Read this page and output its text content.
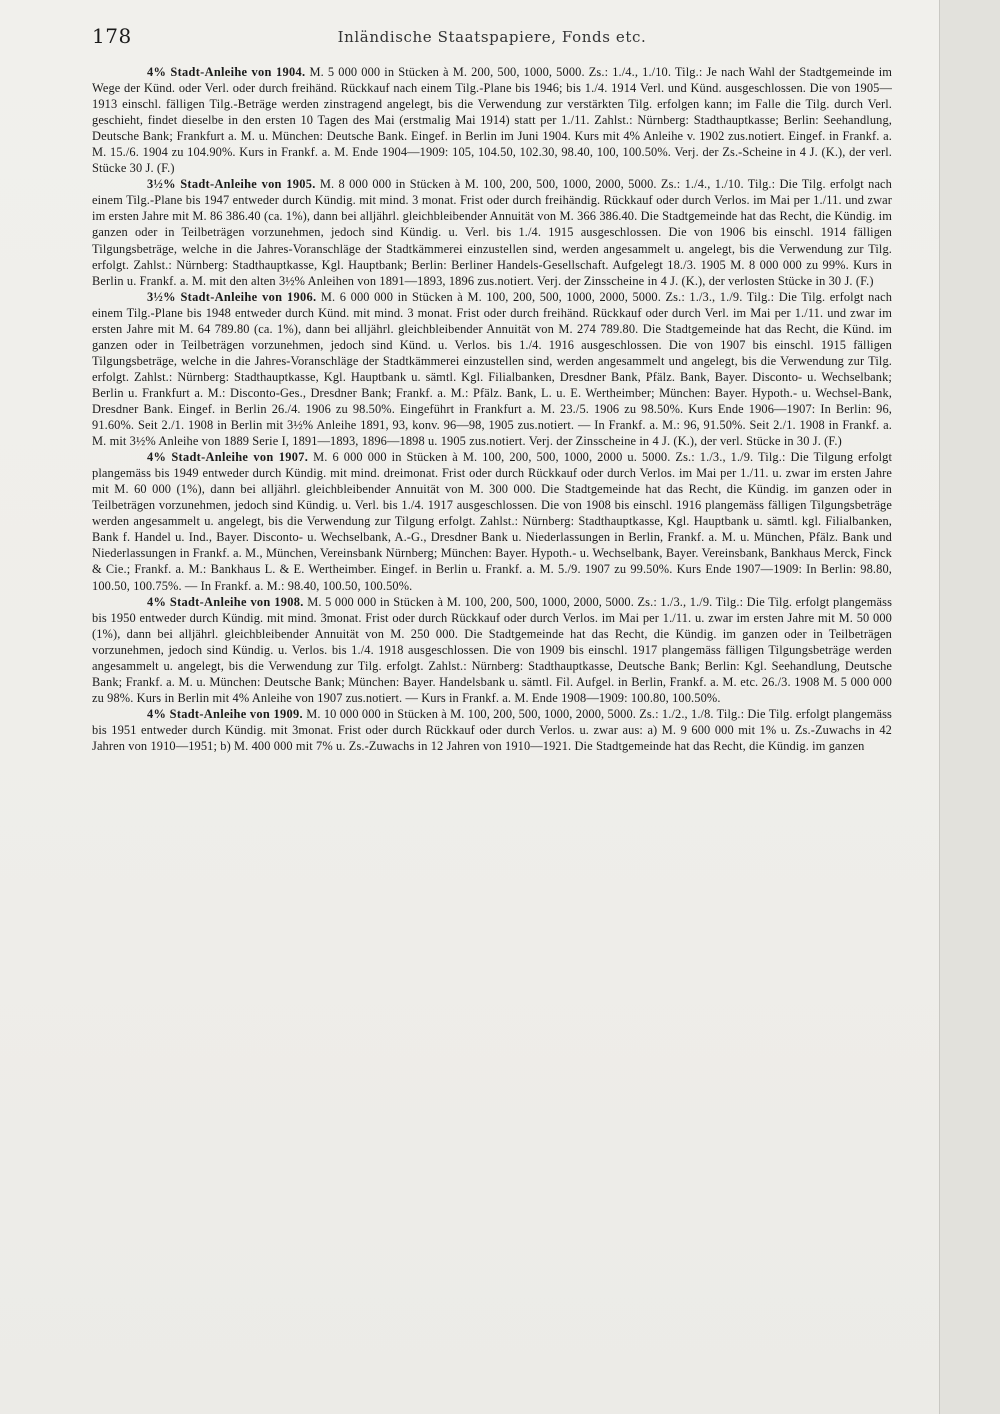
178	Inländische Staatspapiere, Fonds etc.

4% Stadt-Anleihe von 1904. M. 5 000 000 in Stücken à M. 200, 500, 1000, 5000. Zs.: 1./4., 1./10. Tilg.: Je nach Wahl der Stadtgemeinde im Wege der Künd. oder Verl. oder durch freihänd. Rückkauf nach einem Tilg.-Plane bis 1946; bis 1./4. 1914 Verl. und Künd. ausgeschlossen. Die von 1905—1913 einschl. fälligen Tilg.-Beträge werden zinstragend angelegt, bis die Verwendung zur verstärkten Tilg. erfolgen kann; im Falle die Tilg. durch Verl. geschieht, findet dieselbe in den ersten 10 Tagen des Mai (erstmalig Mai 1914) statt per 1./11. Zahlst.: Nürnberg: Stadthauptkasse; Berlin: Seehandlung, Deutsche Bank; Frankfurt a. M. u. München: Deutsche Bank. Eingef. in Berlin im Juni 1904. Kurs mit 4% Anleihe v. 1902 zus.notiert. Eingef. in Frankf. a. M. 15./6. 1904 zu 104.90%. Kurs in Frankf. a. M. Ende 1904—1909: 105, 104.50, 102.30, 98.40, 100, 100.50%. Verj. der Zs.-Scheine in 4 J. (K.), der verl. Stücke 30 J. (F.)

3½% Stadt-Anleihe von 1905. M. 8 000 000 in Stücken à M. 100, 200, 500, 1000, 2000, 5000. Zs.: 1./4., 1./10. Tilg.: Die Tilg. erfolgt nach einem Tilg.-Plane bis 1947 entweder durch Kündig. mit mind. 3 monat. Frist oder durch freihändig. Rückkauf oder durch Verlos. im Mai per 1./11. und zwar im ersten Jahre mit M. 86 386.40 (ca. 1%), dann bei alljährl. gleichbleibender Annuität von M. 366 386.40. Die Stadtgemeinde hat das Recht, die Kündig. im ganzen oder in Teilbeträgen vorzunehmen, jedoch sind Kündig. u. Verl. bis 1./4. 1915 ausgeschlossen. Die von 1906 bis einschl. 1914 fälligen Tilgungsbeträge, welche in die Jahres-Voranschläge der Stadtkämmerei einzustellen sind, werden angesammelt u. angelegt, bis die Verwendung zur Tilg. erfolgt. Zahlst.: Nürnberg: Stadthauptkasse, Kgl. Hauptbank; Berlin: Berliner Handels-Gesellschaft. Aufgelegt 18./3. 1905 M. 8 000 000 zu 99%. Kurs in Berlin u. Frankf. a. M. mit den alten 3½% Anleihen von 1891—1893, 1896 zus.notiert. Verj. der Zinsscheine in 4 J. (K.), der verlosten Stücke in 30 J. (F.)

3½% Stadt-Anleihe von 1906. M. 6 000 000 in Stücken à M. 100, 200, 500, 1000, 2000, 5000. Zs.: 1./3., 1./9. Tilg.: Die Tilg. erfolgt nach einem Tilg.-Plane bis 1948 entweder durch Künd. mit mind. 3 monat. Frist oder durch freihänd. Rückkauf oder durch Verl. im Mai per 1./11. und zwar im ersten Jahre mit M. 64 789.80 (ca. 1%), dann bei alljährl. gleichbleibender Annuität von M. 274 789.80. Die Stadtgemeinde hat das Recht, die Künd. im ganzen oder in Teilbeträgen vorzunehmen, jedoch sind Künd. u. Verlos. bis 1./4. 1916 ausgeschlossen. Die von 1907 bis einschl. 1915 fälligen Tilgungsbeträge, welche in die Jahres-Voranschläge der Stadtkämmerei einzustellen sind, werden angesammelt und angelegt, bis die Verwendung zur Tilg. erfolgt. Zahlst.: Nürnberg: Stadthauptkasse, Kgl. Hauptbank u. sämtl. Kgl. Filialbanken, Dresdner Bank, Pfälz. Bank, Bayer. Disconto- u. Wechselbank; Berlin u. Frankfurt a. M.: Disconto-Ges., Dresdner Bank; Frankf. a. M.: Pfälz. Bank, L. u. E. Wertheimber; München: Bayer. Hypoth.- u. Wechsel-Bank, Dresdner Bank. Eingef. in Berlin 26./4. 1906 zu 98.50%. Eingeführt in Frankfurt a. M. 23./5. 1906 zu 98.50%. Kurs Ende 1906—1907: In Berlin: 96, 91.60%. Seit 2./1. 1908 in Berlin mit 3½% Anleihe 1891, 93, konv. 96—98, 1905 zus.notiert. — In Frankf. a. M.: 96, 91.50%. Seit 2./1. 1908 in Frankf. a. M. mit 3½% Anleihe von 1889 Serie I, 1891—1893, 1896—1898 u. 1905 zus.notiert. Verj. der Zinsscheine in 4 J. (K.), der verl. Stücke in 30 J. (F.)

4% Stadt-Anleihe von 1907. M. 6 000 000 in Stücken à M. 100, 200, 500, 1000, 2000 u. 5000. Zs.: 1./3., 1./9. Tilg.: Die Tilgung erfolgt plangemäss bis 1949 entweder durch Kündig. mit mind. dreimonat. Frist oder durch Rückkauf oder durch Verlos. im Mai per 1./11. u. zwar im ersten Jahre mit M. 60 000 (1%), dann bei alljährl. gleichbleibender Annuität von M. 300 000. Die Stadtgemeinde hat das Recht, die Kündig. im ganzen oder in Teilbeträgen vorzunehmen, jedoch sind Kündig. u. Verl. bis 1./4. 1917 ausgeschlossen. Die von 1908 bis einschl. 1916 plangemäss fälligen Tilgungsbeträge werden angesammelt u. angelegt, bis die Verwendung zur Tilgung erfolgt. Zahlst.: Nürnberg: Stadthauptkasse, Kgl. Hauptbank u. sämtl. kgl. Filialbanken, Bank f. Handel u. Ind., Bayer. Disconto- u. Wechselbank, A.-G., Dresdner Bank u. Niederlassungen in Berlin, Frankf. a. M. u. München, Pfälz. Bank und Niederlassungen in Frankf. a. M., München, Vereinsbank Nürnberg; München: Bayer. Hypoth.- u. Wechselbank, Bayer. Vereinsbank, Bankhaus Merck, Finck & Cie.; Frankf. a. M.: Bankhaus L. & E. Wertheimber. Eingef. in Berlin u. Frankf. a. M. 5./9. 1907 zu 99.50%. Kurs Ende 1907—1909: In Berlin: 98.80, 100.50, 100.75%. — In Frankf. a. M.: 98.40, 100.50, 100.50%.

4% Stadt-Anleihe von 1908. M. 5 000 000 in Stücken à M. 100, 200, 500, 1000, 2000, 5000. Zs.: 1./3., 1./9. Tilg.: Die Tilg. erfolgt plangemäss bis 1950 entweder durch Kündig. mit mind. 3monat. Frist oder durch Rückkauf oder durch Verlos. im Mai per 1./11. u. zwar im ersten Jahre mit M. 50 000 (1%), dann bei alljährl. gleichbleibender Annuität von M. 250 000. Die Stadtgemeinde hat das Recht, die Kündig. im ganzen oder in Teilbeträgen vorzunehmen, jedoch sind Kündig. u. Verlos. bis 1./4. 1918 ausgeschlossen. Die von 1909 bis einschl. 1917 plangemäss fälligen Tilgungsbeträge werden angesammelt u. angelegt, bis die Verwendung zur Tilg. erfolgt. Zahlst.: Nürnberg: Stadthauptkasse, Deutsche Bank; Berlin: Kgl. Seehandlung, Deutsche Bank; Frankf. a. M. u. München: Deutsche Bank; München: Bayer. Handelsbank u. sämtl. Fil. Aufgel. in Berlin, Frankf. a. M. etc. 26./3. 1908 M. 5 000 000 zu 98%. Kurs in Berlin mit 4% Anleihe von 1907 zus.notiert. — Kurs in Frankf. a. M. Ende 1908—1909: 100.80, 100.50%.

4% Stadt-Anleihe von 1909. M. 10 000 000 in Stücken à M. 100, 200, 500, 1000, 2000, 5000. Zs.: 1./2., 1./8. Tilg.: Die Tilg. erfolgt plangemäss bis 1951 entweder durch Kündig. mit 3monat. Frist oder durch Rückkauf oder durch Verlos. u. zwar aus: a) M. 9 600 000 mit 1% u. Zs.-Zuwachs in 42 Jahren von 1910—1951; b) M. 400 000 mit 7% u. Zs.-Zuwachs in 12 Jahren von 1910—1921. Die Stadtgemeinde hat das Recht, die Kündig. im ganzen
